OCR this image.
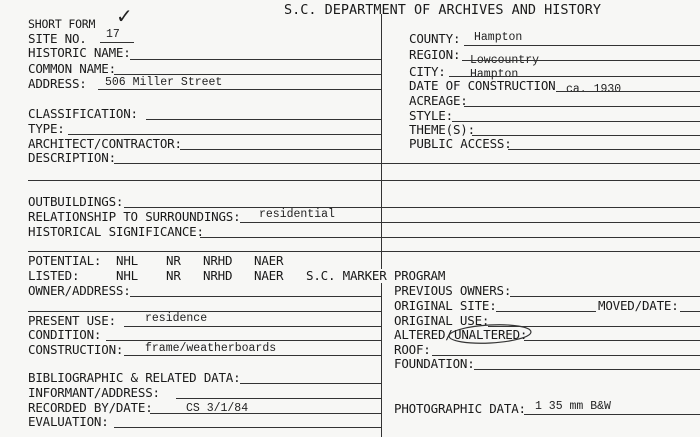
SHORT FORM ✓	S.C. DEPARTMENT OF ARCHIVES AND HISTORY
SITE NO. 17
HISTORIC NAME:
COMMON NAME:
ADDRESS: 506 Miller Street
COUNTY: Hampton
REGION: Lowcountry
CITY: Hampton
DATE OF CONSTRUCTION ca. 1930
ACREAGE:
STYLE:
THEME(S):
PUBLIC ACCESS:
CLASSIFICATION:
TYPE:
ARCHITECT/CONTRACTOR:
DESCRIPTION:
OUTBUILDINGS:
RELATIONSHIP TO SURROUNDINGS: residential
HISTORICAL SIGNIFICANCE:
POTENTIAL: NHL NR NRHD NAER
LISTED:	NHL NR NRHD NAER S.C. MARKER PROGRAM
OWNER/ADDRESS:	PREVIOUS OWNERS:
ORIGINAL SITE:	MOVED/DATE:
ORIGINAL USE:
ALTERED/ UNALTERED:
ROOF:
FOUNDATION:
PHOTOGRAPHIC DATA: 1 35 mm B&W
PRESENT USE:	residence
CONDITION:
CONSTRUCTION: frame/weatherboards
BIBLIOGRAPHIC & RELATED DATA:
INFORMANT/ADDRESS:
RECORDED BY/DATE:	CS 3/1/84
EVALUATION:
